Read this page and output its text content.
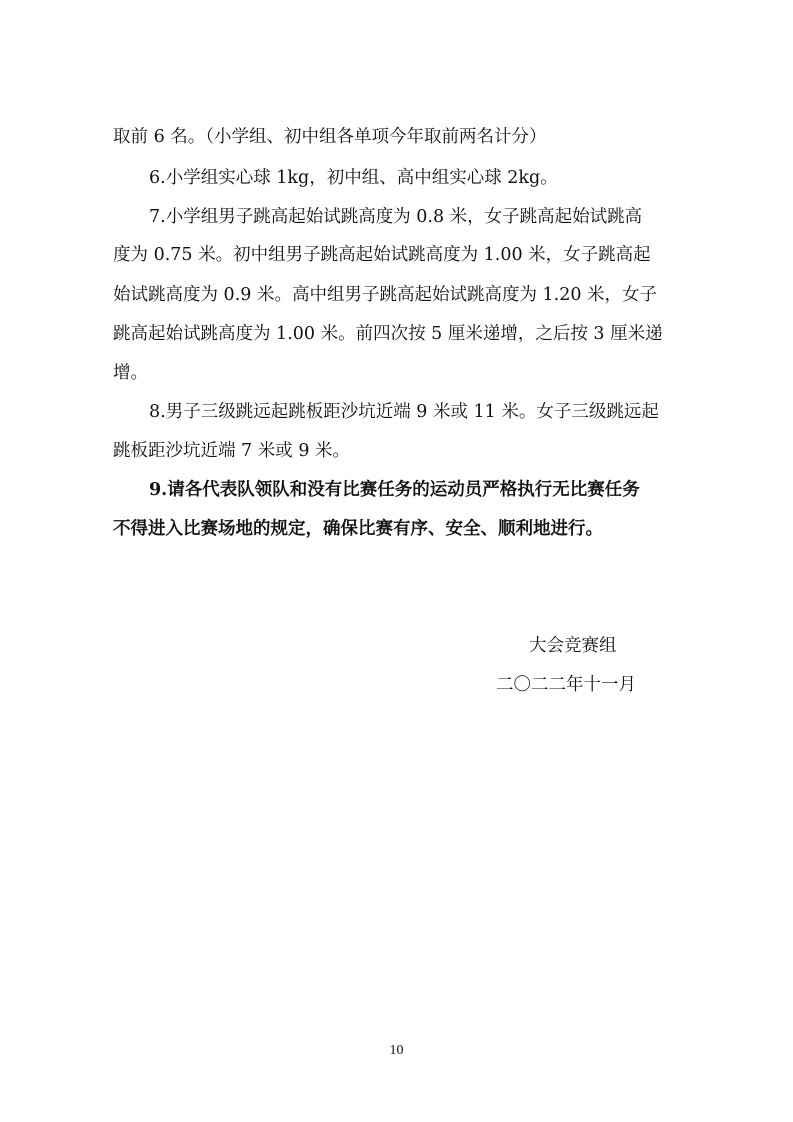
取前 6 名。（小学组、初中组各单项今年取前两名计分）
6.小学组实心球 1kg，初中组、高中组实心球 2kg。
7.小学组男子跳高起始试跳高度为 0.8 米，女子跳高起始试跳高
度为 0.75 米。初中组男子跳高起始试跳高度为 1.00 米，女子跳高起
始试跳高度为 0.9 米。高中组男子跳高起始试跳高度为 1.20 米，女子
跳高起始试跳高度为 1.00 米。前四次按 5 厘米递增，之后按 3 厘米递
增。
8.男子三级跳远起跳板距沙坑近端 9 米或 11 米。女子三级跳远起
跳板距沙坑近端 7 米或 9 米。
9.请各代表队领队和没有比赛任务的运动员严格执行无比赛任务
不得进入比赛场地的规定，确保比赛有序、安全、顺利地进行。
大会竞赛组
二〇二二年十一月
10
